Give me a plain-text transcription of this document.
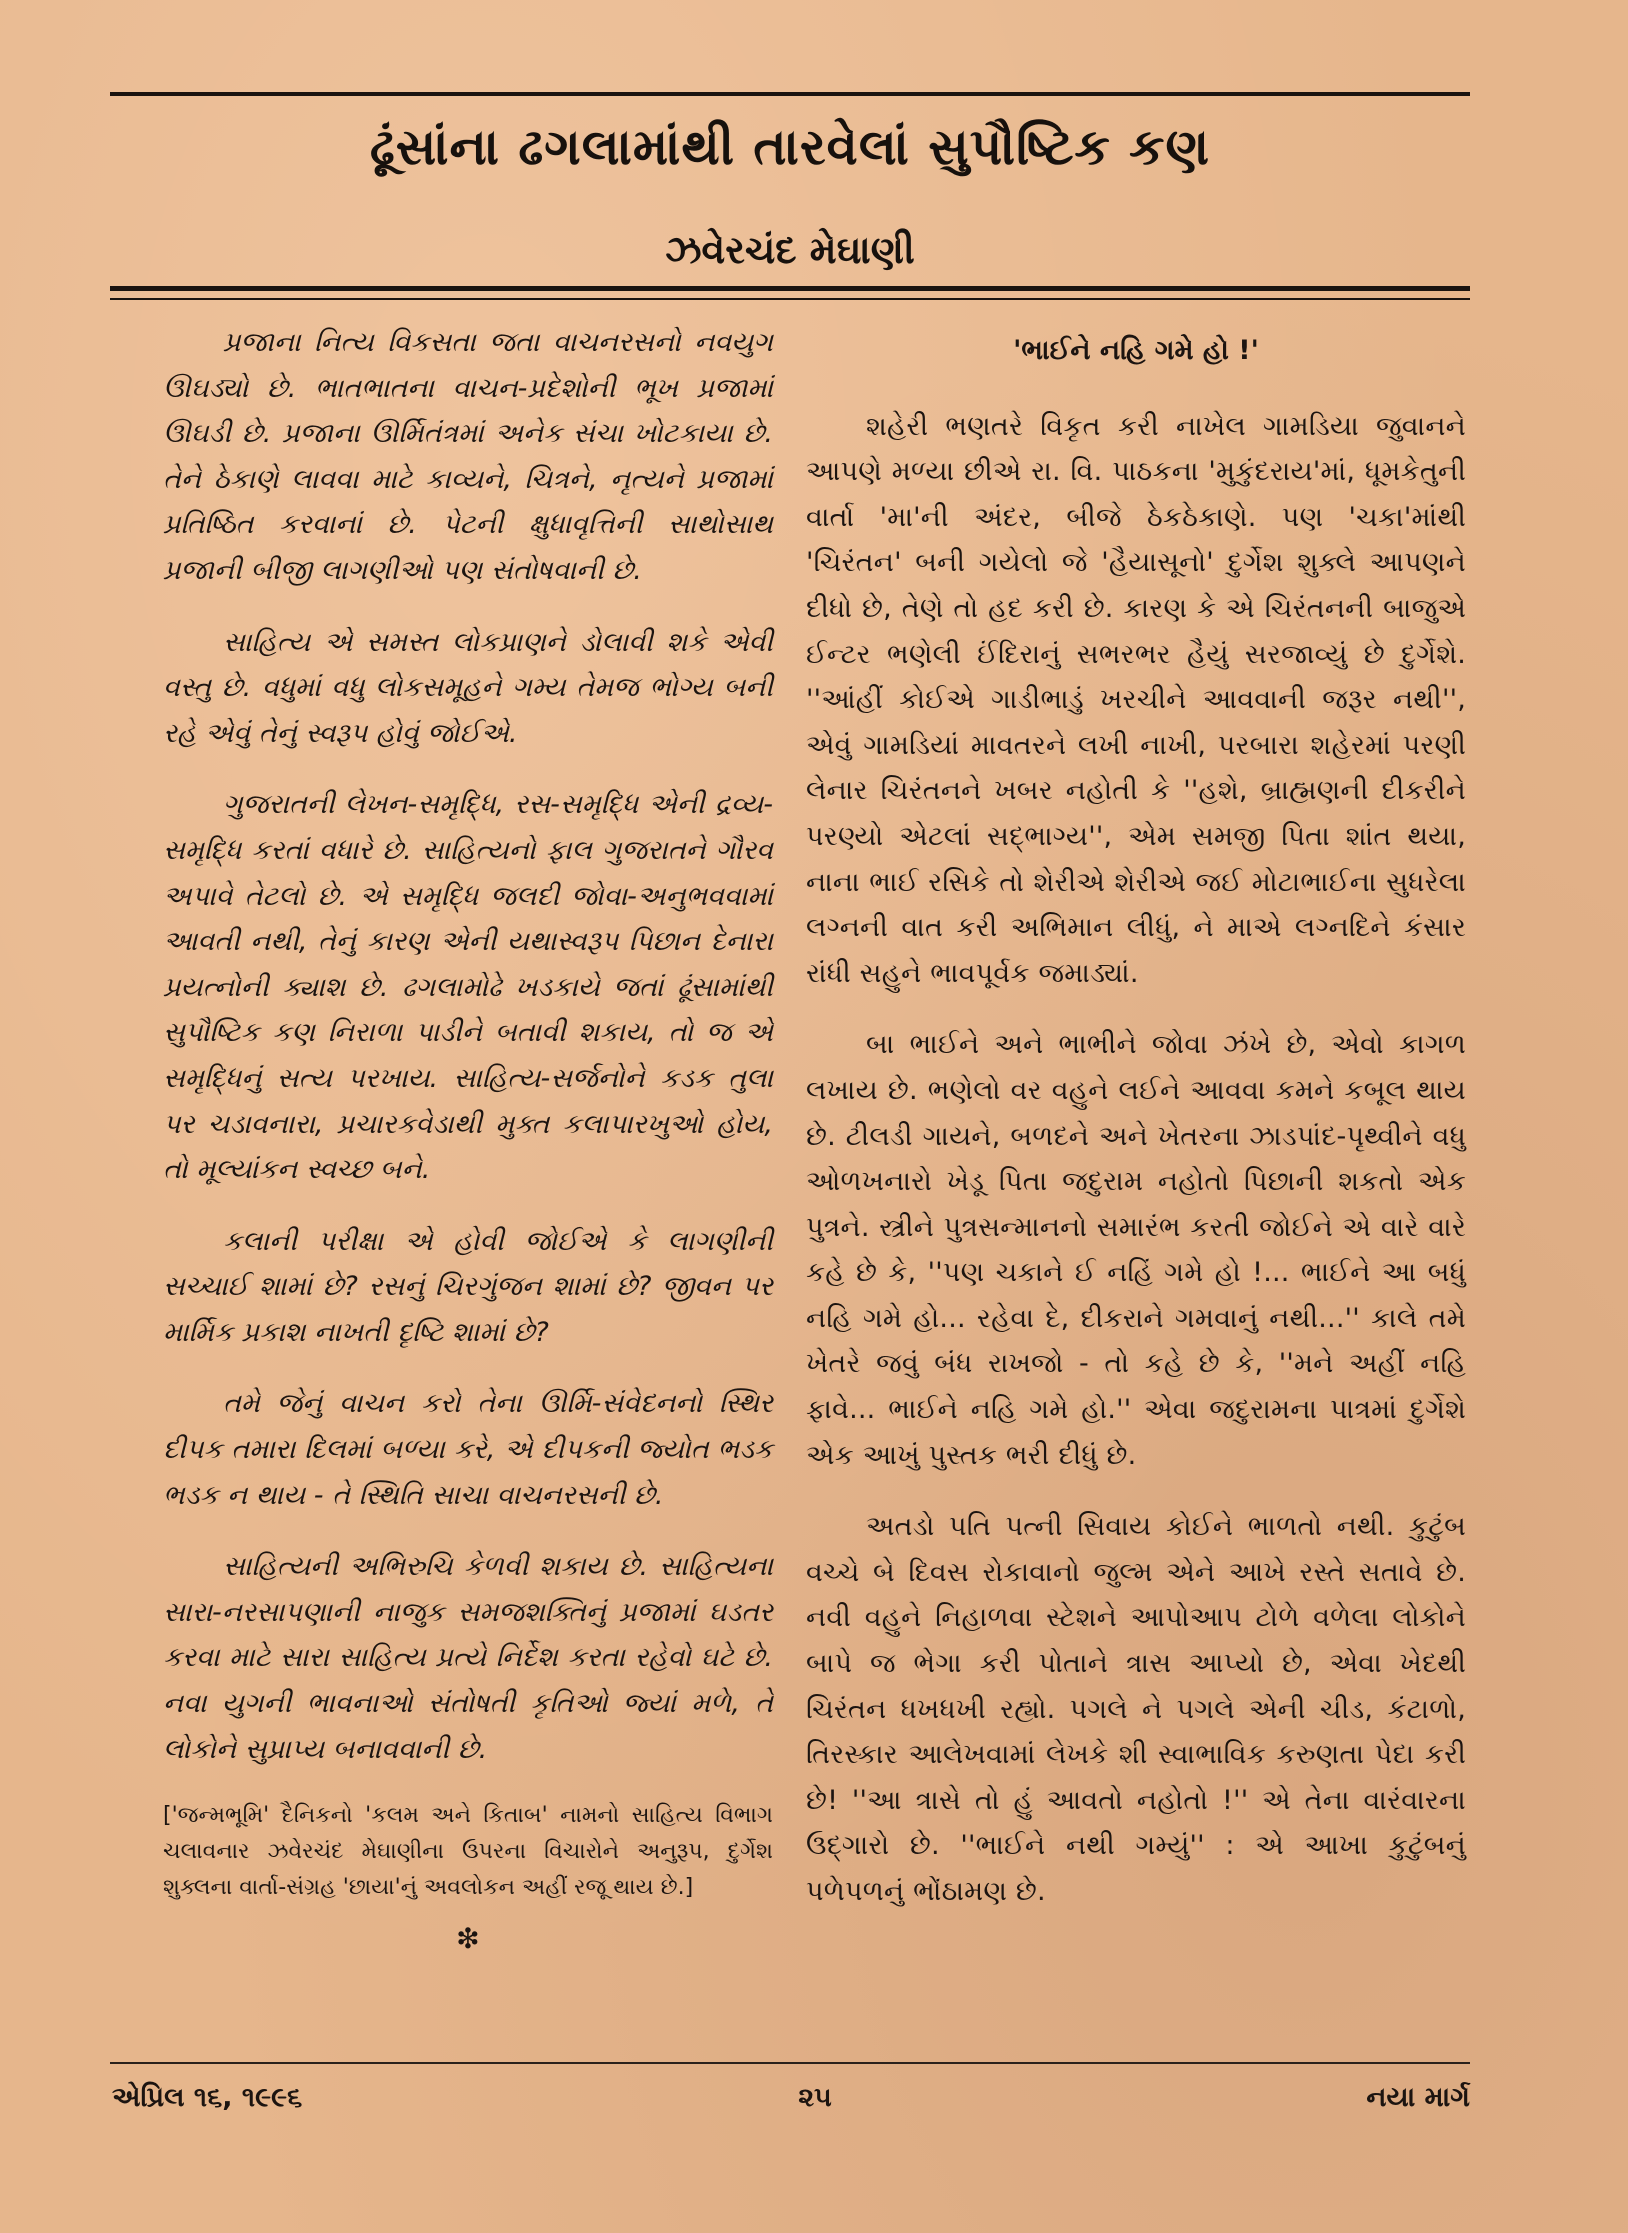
ઢૂંસાંના ઢગલામાંથી તારવેલાં સુપૌષ્ટિક કણ
ઝવેરચંદ મેઘાણી

પ્રજાના નિત્ય વિકસતા જતા વાચનરસનો નવયુગ ઊઘડ્યો છે. ભાતભાતના વાચન-પ્રદેશોની ભૂખ પ્રજામાં ઊઘડી છે. પ્રજાના ઊર્મિતંત્રમાં અનેક સંચા ખોટકાયા છે. તેને ઠેકાણે લાવવા માટે કાવ્યને, ચિત્રને, નૃત્યને પ્રજામાં પ્રતિષ્ઠિત કરવાનાં છે. પેટની ક્ષુધાવૃત્તિની સાથોસાથ પ્રજાની બીજી લાગણીઓ પણ સંતોષવાની છે.

સાહિત્ય એ સમસ્ત લોકપ્રાણને ડોલાવી શકે એવી વસ્તુ છે. વધુમાં વધુ લોકસમૂહને ગમ્ય તેમજ ભોગ્ય બની રહે એવું તેનું સ્વરૂપ હોવું જોઈએ.

ગુજરાતની લેખન-સમૃદ્ધિ, રસ-સમૃદ્ધિ એની દ્રવ્ય-સમૃદ્ધિ કરતાં વધારે છે. સાહિત્યનો ફાલ ગુજરાતને ગૌરવ અપાવે તેટલો છે. એ સમૃદ્ધિ જલદી જોવા-અનુભવવામાં આવતી નથી, તેનું કારણ એની યથાસ્વરૂપ પિછાન દેનારા પ્રયત્નોની ક્યાશ છે. ઢગલામોઢે ખડકાયે જતાં ઢૂંસામાંથી સુપૌષ્ટિક કણ નિરાળા પાડીને બતાવી શકાય, તો જ એ સમૃદ્ધિનું સત્ય પરખાય. સાહિત્ય-સર્જનોને કડક તુલા પર ચડાવનારા, પ્રચારકવેડાથી મુક્ત કલાપારખુઓ હોય, તો મૂલ્યાંકન સ્વચ્છ બને.

કલાની પરીક્ષા એ હોવી જોઈએ કે લાગણીની સચ્ચાઈ શામાં છે? રસનું ચિરગુંજન શામાં છે? જીવન પર માર્મિક પ્રકાશ નાખતી દૃષ્ટિ શામાં છે?

તમે જેનું વાચન કરો તેના ઊર્મિ-સંવેદનનો સ્થિર દીપક તમારા દિલમાં બળ્યા કરે, એ દીપકની જ્યોત ભડક ભડક ન થાય - તે સ્થિતિ સાચા વાચનરસની છે.

સાહિત્યની અભિરુચિ કેળવી શકાય છે. સાહિત્યના સારા-નરસાપણાની નાજુક સમજશક્તિનું પ્રજામાં ઘડતર કરવા માટે સારા સાહિત્ય પ્રત્યે નિર્દેશ કરતા રહેવો ઘટે છે. નવા યુગની ભાવનાઓ સંતોષતી કૃતિઓ જ્યાં મળે, તે લોકોને સુપ્રાપ્ય બનાવવાની છે.

['જન્મભૂમિ' દૈનિકનો 'કલમ અને કિતાબ' નામનો સાહિત્ય વિભાગ ચલાવનાર ઝવેરચંદ મેઘાણીના ઉપરના વિચારોને અનુરૂપ, દુર્ગેશ શુક્લના વાર્તા-સંગ્રહ 'છાયા'નું અવલોકન અહીં રજૂ થાય છે.]

❇
'ભાઈને નહિ ગમે હો !'

શહેરી ભણતરે વિકૃત કરી નાખેલ ગામડિયા જુવાનને આપણે મળ્યા છીએ રા. વિ. પાઠકના 'મુકુંદરાય'માં, ધૂમકેતુની વાર્તા 'મા'ની અંદર, બીજે ઠેકઠેકાણે. પણ 'ચકા'માંથી 'ચિરંતન' બની ગયેલો જે 'હૈયાસૂનો' દુર્ગેશ શુક્લે આપણને દીધો છે, તેણે તો હદ કરી છે. કારણ કે એ ચિરંતનની બાજુએ ઈન્ટર ભણેલી ઈંદિરાનું સભરભર હૈયું સરજાવ્યું છે દુર્ગેશે. ''આંહીં કોઈએ ગાડીભાડું ખરચીને આવવાની જરૂર નથી'', એવું ગામડિયાં માવતરને લખી નાખી, પરબારા શહેરમાં પરણી લેનાર ચિરંતનને ખબર નહોતી કે ''હશે, બ્રાહ્મણની દીકરીને પરણ્યો એટલાં સદ્ભાગ્ય'', એમ સમજી પિતા શાંત થયા, નાના ભાઈ રસિકે તો શેરીએ શેરીએ જઈ મોટાભાઈના સુધરેલા લગ્નની વાત કરી અભિમાન લીધું, ને માએ લગ્નદિને કંસાર રાંધી સહુને ભાવપૂર્વક જમાડ્યાં.

બા ભાઈને અને ભાભીને જોવા ઝંખે છે, એવો કાગળ લખાય છે. ભણેલો વર વહુને લઈને આવવા કમને કબૂલ થાય છે. ટીલડી ગાયને, બળદને અને ખેતરના ઝાડપાંદ-પૃથ્વીને વધુ ઓળખનારો ખેડૂ પિતા જદુરામ નહોતો પિછાની શકતો એક પુત્રને. સ્ત્રીને પુત્રસન્માનનો સમારંભ કરતી જોઈને એ વારે વારે કહે છે કે, ''પણ ચકાને ઈ નહિં ગમે હો !... ભાઈને આ બધું નહિ ગમે હો... રહેવા દે, દીકરાને ગમવાનું નથી...'' કાલે તમે ખેતરે જવું બંધ રાખજો - તો કહે છે કે, ''મને અહીં નહિ ફાવે... ભાઈને નહિ ગમે હો.'' એવા જદુરામના પાત્રમાં દુર્ગેશે એક આખું પુસ્તક ભરી દીધું છે.

અતડો પતિ પત્ની સિવાય કોઈને ભાળતો નથી. કુટુંબ વચ્ચે બે દિવસ રોકાવાનો જુલ્મ એને આખે રસ્તે સતાવે છે. નવી વહુને નિહાળવા સ્ટેશને આપોઆપ ટોળે વળેલા લોકોને બાપે જ ભેગા કરી પોતાને ત્રાસ આપ્યો છે, એવા ખેદથી ચિરંતન ધખધખી રહ્યો. પગલે ને પગલે એની ચીડ, કંટાળો, તિરસ્કાર આલેખવામાં લેખકે શી સ્વાભાવિક કરુણતા પેદા કરી છે! ''આ ત્રાસે તો હું આવતો નહોતો !'' એ તેના વારંવારના ઉદ્ગારો છે. ''ભાઈને નથી ગમ્યું'' : એ આખા કુટુંબનું પળેપળનું ભોંઠામણ છે.

એપ્રિલ ૧૬, ૧૯૯૬	૨૫	નયા માર્ગ
